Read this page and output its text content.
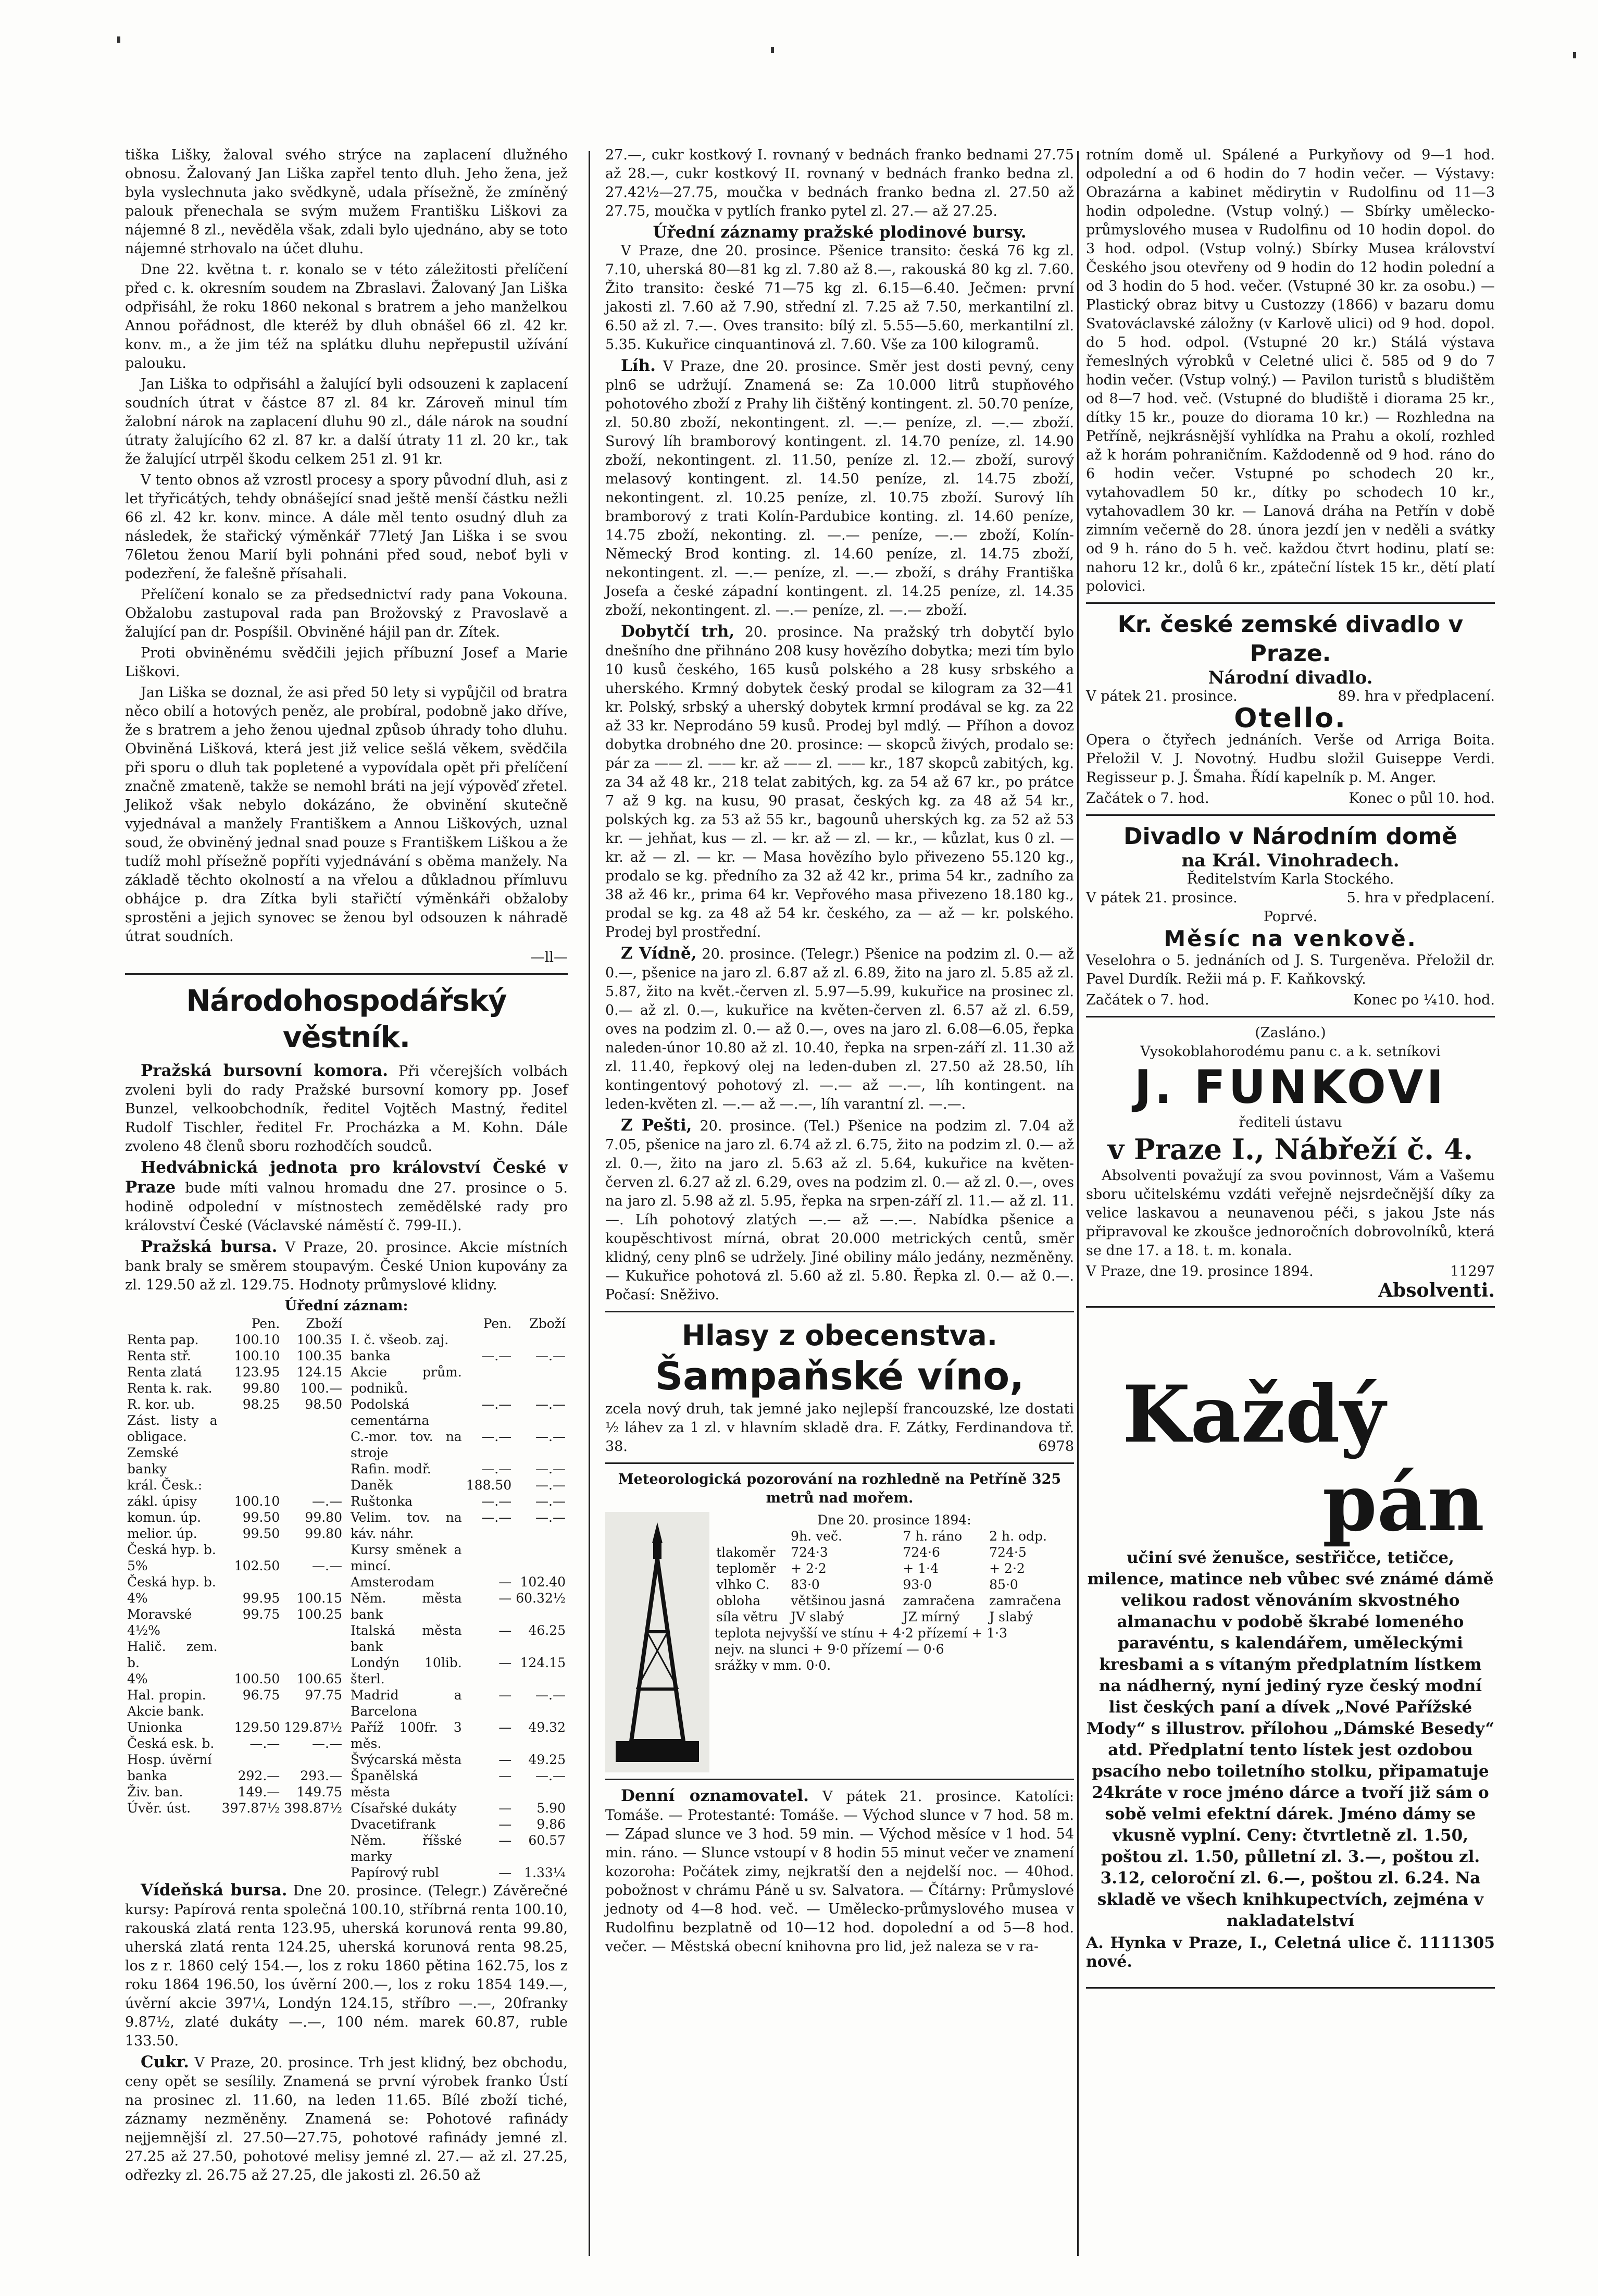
tiška Lišky, žaloval svého strýce na zaplacení dlužného obnosu. Žalovaný Jan Liška zapřel tento dluh. Jeho žena, jež byla vyslechnuta jako svědkyně, udala přísežně, že zmíněný palouk přenechala se svým mužem Františku Liškovi za nájemné 8 zl., nevěděla však, zdali bylo ujednáno, aby se toto nájemné strhovalo na účet dluhu.

Dne 22. května t. r. konalo se v této záležitosti přelíčení před c. k. okresním soudem na Zbraslavi. Žalovaný Jan Liška odpřisáhl, že roku 1860 nekonal s bratrem a jeho manželkou Annou pořádnost, dle kteréž by dluh obnášel 66 zl. 42 kr. konv. m., a že jim též na splátku dluhu nepřepustil užívání palouku.

Jan Liška to odpřisáhl a žalující byli odsouzeni k zaplacení soudních útrat v částce 87 zl. 84 kr. Zároveň minul tím žalobní nárok na zaplacení dluhu 90 zl., dále nárok na soudní útraty žalujícího 62 zl. 87 kr. a další útraty 11 zl. 20 kr., tak že žalující utrpěl škodu celkem 251 zl. 91 kr.

V tento obnos až vzrostl procesy a spory původní dluh, asi z let třyřicátých, tehdy obnášející snad ještě menší částku nežli 66 zl. 42 kr. konv. mince. A dále měl tento osudný dluh za následek, že stařický výměnkář 77letý Jan Liška i se svou 76letou ženou Marií byli pohnáni před soud, neboť byli v podezření, že falešně přísahali.

Přelíčení konalo se za předsednictví rady pana Vokouna. Obžalobu zastupoval rada pan Brožovský z Pravoslavě a žalující pan dr. Pospíšil. Obviněné hájil pan dr. Zítek.

Proti obviněnému svědčili jejich příbuzní Josef a Marie Liškovi.

Jan Liška se doznal, že asi před 50 lety si vypůjčil od bratra něco obilí a hotových peněz, ale probíral, podobně jako dříve, že s bratrem a jeho ženou ujednal způsob úhrady toho dluhu. Obviněná Lišková, která jest již velice sešlá věkem, svědčila při sporu o dluh tak popletené a vypovídala opět při přelíčení značně zmateně, takže se nemohl bráti na její výpověď zřetel. Jelikož však nebylo dokázáno, že obvinění skutečně vyjednával a manžely Františkem a Annou Liškových, uznal soud, že obviněný jednal snad pouze s Františkem Liškou a že tudíž mohl přísežně popříti vyjednávání s oběma manžely. Na základě těchto okolností a na vřelou a důkladnou přímluvu obhájce p. dra Zítka byli stařičtí výměnkáři obžaloby sprostěni a jejich synovec se ženou byl odsouzen k náhradě útrat soudních.

—ll—
Národohospodářský věstník.

Pražská bursovní komora. Při včerejších volbách zvoleni byli do rady Pražské bursovní komory pp. Josef Bunzel, velkoobchodník, ředitel Vojtěch Mastný, ředitel Rudolf Tischler, ředitel Fr. Procházka a M. Kohn. Dále zvoleno 48 členů sboru rozhodčích soudců.

Hedvábnická jednota pro království České v Praze bude míti valnou hromadu dne 27. prosince o 5. hodině odpolední v místnostech zemědělské rady pro království České (Václavské náměstí č. 799-II.).

Pražská bursa. V Praze, 20. prosince. Akcie místních bank braly se směrem stoupavým. České Union kupovány za zl. 129.50 až zl. 129.75. Hodnoty průmyslové klidny.

Úřední záznam:
	Pen.	Zboží
Renta pap.	100.10	100.35
Renta stř.	100.10	100.35
Renta zlatá	123.95	124.15
Renta k. rak.	99.80	100.—
R. kor. ub.	98.25	98.50
Zást. listy a obligace.		
Zemské banky		
král. Česk.:		
zákl. úpisy	100.10	—.—
komun. úp.	99.50	99.80
melior. úp.	99.50	99.80
Česká hyp. b.		
5%	102.50	—.—
Česká hyp. b.		
4%	99.95	100.15
Moravské 4½%	99.75	100.25
Halič. zem. b.		
4%	100.50	100.65
Hal. propin.	96.75	97.75
Akcie bank.		
Unionka	129.50	129.87½
Česká esk. b.	—.—	—.—
Hosp. úvěrní		
banka	292.—	293.—
Živ. ban.	149.—	149.75
Úvěr. úst.	397.87½	398.87½
	Pen.	Zboží
I. č. všeob. zaj.		
banka	—.—	—.—
Akcie prům. podniků.		
Podolská cementárna	—.—	—.—
C.-mor. tov. na stroje	—.—	—.—
Rafin. modř.	—.—	—.—
Daněk	188.50	—.—
Ruštonka	—.—	—.—
Velim. tov. na káv. náhr.	—.—	—.—
Kursy směnek a mincí.		
Amsterodam	—	102.40
Něm. města bank	—	60.32½
Italská města bank	—	46.25
Londýn 10lib. šterl.	—	124.15
Madrid a Barcelona	—	—.—
Paříž 100fr. 3 měs.	—	49.32
Švýcarská města	—	49.25
Španělská města	—	—.—
Císařské dukáty	—	5.90
Dvacetifrank	—	9.86
Něm. říšské marky	—	60.57
Papírový rubl	—	1.33¼

Vídeňská bursa. Dne 20. prosince. (Telegr.) Závěrečné kursy: Papírová renta společná 100.10, stříbrná renta 100.10, rakouská zlatá renta 123.95, uherská korunová renta 99.80, uherská zlatá renta 124.25, uherská korunová renta 98.25, los z r. 1860 celý 154.—, los z roku 1860 pětina 162.75, los z roku 1864 196.50, los úvěrní 200.—, los z roku 1854 149.—, úvěrní akcie 397¼, Londýn 124.15, stříbro —.—, 20franky 9.87½, zlaté dukáty —.—, 100 ném. marek 60.87, ruble 133.50.

Cukr. V Praze, 20. prosince. Trh jest klidný, bez obchodu, ceny opět se sesílily. Znamená se první výrobek franko Ústí na prosinec zl. 11.60, na leden 11.65. Bílé zboží tiché, záznamy nezměněny. Znamená se: Pohotové rafinády nejjemnější zl. 27.50—27.75, pohotové rafinády jemné zl. 27.25 až 27.50, pohotové melisy jemné zl. 27.— až zl. 27.25, odřezky zl. 26.75 až 27.25, dle jakosti zl. 26.50 až

27.—, cukr kostkový I. rovnaný v bednách franko bednami 27.75 až 28.—, cukr kostkový II. rovnaný v bednách franko bedna zl. 27.42½—27.75, moučka v bednách franko bedna zl. 27.50 až 27.75, moučka v pytlích franko pytel zl. 27.— až 27.25.

Úřední záznamy pražské plodinové bursy.

V Praze, dne 20. prosince. Pšenice transito: česká 76 kg zl. 7.10, uherská 80—81 kg zl. 7.80 až 8.—, rakouská 80 kg zl. 7.60. Žito transito: české 71—75 kg zl. 6.15—6.40. Ječmen: první jakosti zl. 7.60 až 7.90, střední zl. 7.25 až 7.50, merkantilní zl. 6.50 až zl. 7.—. Oves transito: bílý zl. 5.55—5.60, merkantilní zl. 5.35. Kukuřice cinquantinová zl. 7.60. Vše za 100 kilogramů.

Líh. V Praze, dne 20. prosince. Směr jest dosti pevný, ceny pln6 se udržují. Znamená se: Za 10.000 litrů stupňového pohotového zboží z Prahy lih čištěný kontingent. zl. 50.70 peníze, zl. 50.80 zboží, nekontingent. zl. —.— peníze, zl. —.— zboží. Surový líh bramborový kontingent. zl. 14.70 peníze, zl. 14.90 zboží, nekontingent. zl. 11.50, peníze zl. 12.— zboží, surový melasový kontingent. zl. 14.50 peníze, zl. 14.75 zboží, nekontingent. zl. 10.25 peníze, zl. 10.75 zboží. Surový líh bramborový z trati Kolín-Pardubice konting. zl. 14.60 peníze, 14.75 zboží, nekonting. zl. —.— peníze, —.— zboží, Kolín-Německý Brod konting. zl. 14.60 peníze, zl. 14.75 zboží, nekontingent. zl. —.— peníze, zl. —.— zboží, s dráhy Františka Josefa a české západní kontingent. zl. 14.25 peníze, zl. 14.35 zboží, nekontingent. zl. —.— peníze, zl. —.— zboží.

Dobytčí trh, 20. prosince. Na pražský trh dobytčí bylo dnešního dne přihnáno 208 kusy hovězího dobytka; mezi tím bylo 10 kusů českého, 165 kusů polského a 28 kusy srbského a uherského. Krmný dobytek český prodal se kilogram za 32—41 kr. Polský, srbský a uherský dobytek krmní prodával se kg. za 22 až 33 kr. Neprodáno 59 kusů. Prodej byl mdlý. — Příhon a dovoz dobytka drobného dne 20. prosince: — skopců živých, prodalo se: pár za —— zl. —— kr. až —— zl. —— kr., 187 skopců zabitých, kg. za 34 až 48 kr., 218 telat zabitých, kg. za 54 až 67 kr., po prátce 7 až 9 kg. na kusu, 90 prasat, českých kg. za 48 až 54 kr., polských kg. za 53 až 55 kr., bagounů uherských kg. za 52 až 53 kr. — jehňat, kus — zl. — kr. až — zl. — kr., — kůzlat, kus 0 zl. — kr. až — zl. — kr. — Masa hovězího bylo přivezeno 55.120 kg., prodalo se kg. předního za 32 až 42 kr., prima 54 kr., zadního za 38 až 46 kr., prima 64 kr. Vepřového masa přivezeno 18.180 kg., prodal se kg. za 48 až 54 kr. českého, za — až — kr. polského. Prodej byl prostřední.

Z Vídně, 20. prosince. (Telegr.) Pšenice na podzim zl. 0.— až 0.—, pšenice na jaro zl. 6.87 až zl. 6.89, žito na jaro zl. 5.85 až zl. 5.87, žito na květ.-červen zl. 5.97—5.99, kukuřice na prosinec zl. 0.— až zl. 0.—, kukuřice na květen-červen zl. 6.57 až zl. 6.59, oves na podzim zl. 0.— až 0.—, oves na jaro zl. 6.08—6.05, řepka naleden-únor 10.80 až zl. 10.40, řepka na srpen-září zl. 11.30 až zl. 11.40, řepkový olej na leden-duben zl. 27.50 až 28.50, líh kontingentový pohotový zl. —.— až —.—, líh kontingent. na leden-květen zl. —.— až —.—, líh varantní zl. —.—.

Z Pešti, 20. prosince. (Tel.) Pšenice na podzim zl. 7.04 až 7.05, pšenice na jaro zl. 6.74 až zl. 6.75, žito na podzim zl. 0.— až zl. 0.—, žito na jaro zl. 5.63 až zl. 5.64, kukuřice na květen-červen zl. 6.27 až zl. 6.29, oves na podzim zl. 0.— až zl. 0.—, oves na jaro zl. 5.98 až zl. 5.95, řepka na srpen-září zl. 11.— až zl. 11.—. Líh pohotový zlatých —.— až —.—. Nabídka pšenice a koupěschtivost mírná, obrat 20.000 metrických centů, směr klidný, ceny pln6 se udržely. Jiné obiliny málo jedány, nezměněny. — Kukuřice pohotová zl. 5.60 až zl. 5.80. Řepka zl. 0.— až 0.—. Počasí: Sněživo.

Hlasy z obecenstva.
Šampaňské víno,

zcela nový druh, tak jemné jako nejlepší francouzské, lze dostati ½ láhev za 1 zl. v hlavním skladě dra. F. Zátky, Ferdinandova tř. 38.	6978

Meteorologická pozorování na rozhledně na Petříně 325 metrů nad mořem.
Dne 20. prosince 1894:
	9h. več.	7 h. ráno	2 h. odp.
tlakoměr	724·3	724·6	724·5
teploměr	+ 2·2	+ 1·4	+ 2·2
vlhko C.	83·0	93·0	85·0
obloha	většinou jasná	zamračena	zamračena
síla větru	JV slabý	JZ mírný	J slabý
teplota nejvyšší ve stínu + 4·2 přízemí + 1·3
nejv. na slunci + 9·0 přízemí — 0·6
srážky v mm. 0·0.

Denní oznamovatel. V pátek 21. prosince. Katolíci: Tomáše. — Protestanté: Tomáše. — Východ slunce v 7 hod. 58 m. — Západ slunce ve 3 hod. 59 min. — Východ měsíce v 1 hod. 54 min. ráno. — Slunce vstoupí v 8 hodin 55 minut večer ve znamení kozoroha: Počátek zimy, nejkratší den a nejdelší noc. — 40hod. pobožnost v chrámu Páně u sv. Salvatora. — Čítárny: Průmyslové jednoty od 4—8 hod. več. — Umělecko-průmyslového musea v Rudolfinu bezplatně od 10—12 hod. dopolední a od 5—8 hod. večer. — Městská obecní knihovna pro lid, jež naleza se v ra-

rotním domě ul. Spálené a Purkyňovy od 9—1 hod. odpolední a od 6 hodin do 7 hodin večer. — Výstavy: Obrazárna a kabinet mědirytin v Rudolfinu od 11—3 hodin odpoledne. (Vstup volný.) — Sbírky umělecko-průmyslového musea v Rudolfinu od 10 hodin dopol. do 3 hod. odpol. (Vstup volný.) Sbírky Musea království Českého jsou otevřeny od 9 hodin do 12 hodin polední a od 3 hodin do 5 hod. večer. (Vstupné 30 kr. za osobu.) — Plastický obraz bitvy u Custozzy (1866) v bazaru domu Svatováclavské záložny (v Karlově ulici) od 9 hod. dopol. do 5 hod. odpol. (Vstupné 20 kr.) Stálá výstava řemeslných výrobků v Celetné ulici č. 585 od 9 do 7 hodin večer. (Vstup volný.) — Pavilon turistů s bludištěm od 8—7 hod. več. (Vstupné do bludiště i diorama 25 kr., dítky 15 kr., pouze do diorama 10 kr.) — Rozhledna na Petříně, nejkrásnější vyhlídka na Prahu a okolí, rozhled až k horám pohraničním. Každodenně od 9 hod. ráno do 6 hodin večer. Vstupné po schodech 20 kr., vytahovadlem 50 kr., dítky po schodech 10 kr., vytahovadlem 30 kr. — Lanová dráha na Petřín v době zimním večerně do 28. února jezdí jen v neděli a svátky od 9 h. ráno do 5 h. več. každou čtvrt hodinu, platí se: nahoru 12 kr., dolů 6 kr., zpáteční lístek 15 kr., dětí platí polovici.

Kr. české zemské divadlo v Praze.
Národní divadlo.
V pátek 21. prosince.	89. hra v předplacení.
Otello.

Opera o čtyřech jednáních. Verše od Arriga Boita. Přeložil V. J. Novotný. Hudbu složil Guiseppe Verdi. Regisseur p. J. Šmaha. Řídí kapelník p. M. Anger.

Začátek o 7. hod.	Konec o půl 10. hod.
Divadlo v Národním domě
na Král. Vinohradech.
Ředitelstvím Karla Stockého.
V pátek 21. prosince.	5. hra v předplacení.
Poprvé.
Měsíc na venkově.

Veselohra o 5. jednáních od J. S. Turgeněva. Přeložil dr. Pavel Durdík. Režii má p. F. Kaňkovský.

Začátek o 7. hod.	Konec po ¼10. hod.
(Zasláno.)
Vysokoblahorodému panu c. a k. setníkovi
J. FUNKOVI
řediteli ústavu
v Praze I., Nábřeží č. 4.

Absolventi považují za svou povinnost, Vám a Vašemu sboru učitelskému vzdáti veřejně nejsrdečnější díky za velice laskavou a neunavenou péči, s jakou Jste nás připravoval ke zkoušce jednoročních dobrovolníků, která se dne 17. a 18. t. m. konala.

V Praze, dne 19. prosince 1894.	11297
Absolventi.
Každý
pán

učiní své ženušce, sestřičce, tetičce, milence, matince neb vůbec své známé dámě velikou radost věnováním skvostného almanachu v podobě škrabé lomeného paravéntu, s kalendářem, uměleckými kresbami a s vítaným předplatním lístkem na nádherný, nyní jediný ryze český modní list českých paní a dívek „Nové Pařížské Mody“ s illustrov. přílohou „Dámské Besedy“ atd. Předplatní tento lístek jest ozdobou psacího nebo toiletního stolku, připamatuje 24kráte v roce jméno dárce a tvoří již sám o sobě velmi efektní dárek. Jméno dámy se vkusně vyplní. Ceny: čtvrtletně zl. 1.50, poštou zl. 1.50, půlletní zl. 3.—, poštou zl. 3.12, celoroční zl. 6.—, poštou zl. 6.24. Na skladě ve všech knihkupectvích, zejména v nakladatelství

A. Hynka v Praze, I., Celetná ulice č. 11 nové.
11305
